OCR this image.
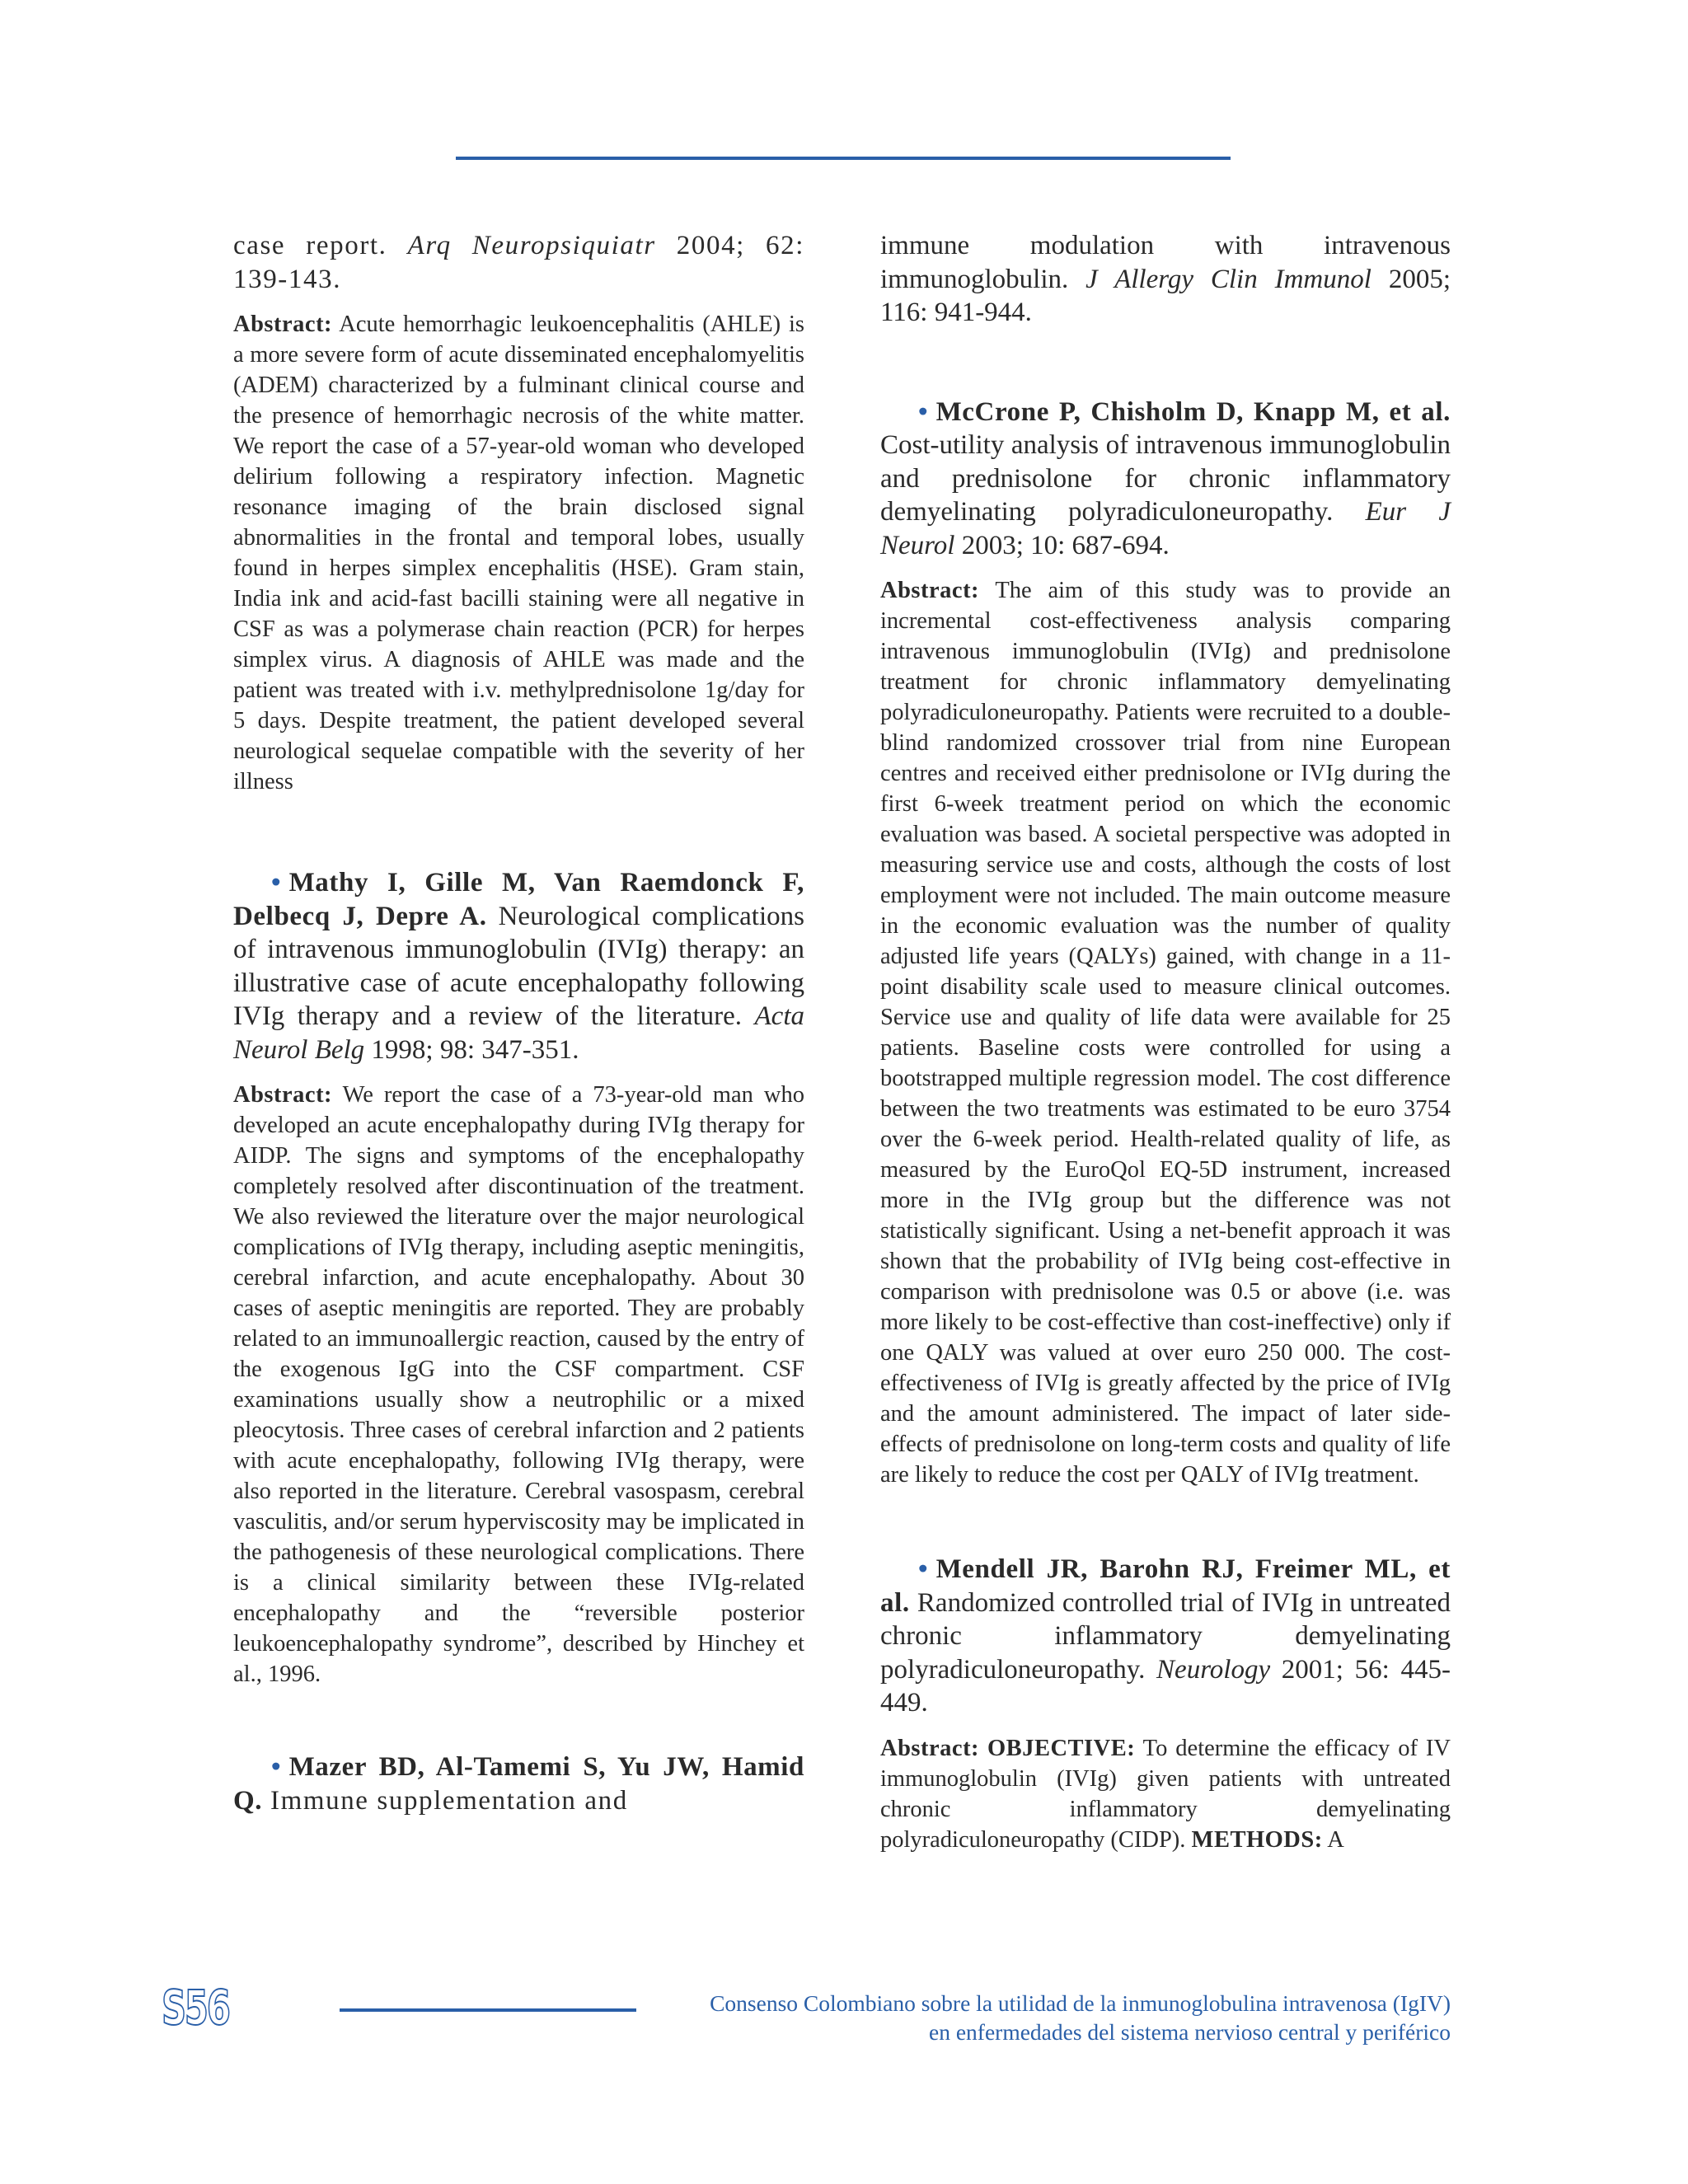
case report. Arq Neuropsiquiatr 2004; 62: 139-143.

Abstract: Acute hemorrhagic leukoencephalitis (AHLE) is a more severe form of acute disseminated encephalomyelitis (ADEM) characterized by a fulminant clinical course and the presence of hemorrhagic necrosis of the white matter. We report the case of a 57-year-old woman who developed delirium following a respiratory infection. Magnetic resonance imaging of the brain disclosed signal abnormalities in the frontal and temporal lobes, usually found in herpes simplex encephalitis (HSE). Gram stain, India ink and acid-fast bacilli staining were all negative in CSF as was a polymerase chain reaction (PCR) for herpes simplex virus. A diagnosis of AHLE was made and the patient was treated with i.v. methylprednisolone 1g/day for 5 days. Despite treatment, the patient developed several neurological sequelae compatible with the severity of her illness

• Mathy I, Gille M, Van Raemdonck F, Delbecq J, Depre A. Neurological complications of intravenous immunoglobulin (IVIg) therapy: an illustrative case of acute encephalopathy following IVIg therapy and a review of the literature. Acta Neurol Belg 1998; 98: 347-351.

Abstract: We report the case of a 73-year-old man who developed an acute encephalopathy during IVIg therapy for AIDP. The signs and symptoms of the encephalopathy completely resolved after discontinuation of the treatment. We also reviewed the literature over the major neurological complications of IVIg therapy, including aseptic meningitis, cerebral infarction, and acute encephalopathy. About 30 cases of aseptic meningitis are reported. They are probably related to an immunoallergic reaction, caused by the entry of the exogenous IgG into the CSF compartment. CSF examinations usually show a neutrophilic or a mixed pleocytosis. Three cases of cerebral infarction and 2 patients with acute encephalopathy, following IVIg therapy, were also reported in the literature. Cerebral vasospasm, cerebral vasculitis, and/or serum hyperviscosity may be implicated in the pathogenesis of these neurological complications. There is a clinical similarity between these IVIg-related encephalopathy and the “reversible posterior leukoencephalopathy syndrome”, described by Hinchey et al., 1996.

• Mazer BD, Al-Tamemi S, Yu JW, Hamid Q. Immune supplementation and

immune modulation with intravenous immunoglobulin. J Allergy Clin Immunol 2005; 116: 941-944.

• McCrone P, Chisholm D, Knapp M, et al. Cost-utility analysis of intravenous immunoglobulin and prednisolone for chronic inflammatory demyelinating polyradiculoneuropathy. Eur J Neurol 2003; 10: 687-694.

Abstract: The aim of this study was to provide an incremental cost-effectiveness analysis comparing intravenous immunoglobulin (IVIg) and prednisolone treatment for chronic inflammatory demyelinating polyradiculoneuropathy. Patients were recruited to a double-blind randomized crossover trial from nine European centres and received either prednisolone or IVIg during the first 6-week treatment period on which the economic evaluation was based. A societal perspective was adopted in measuring service use and costs, although the costs of lost employment were not included. The main outcome measure in the economic evaluation was the number of quality adjusted life years (QALYs) gained, with change in a 11-point disability scale used to measure clinical outcomes. Service use and quality of life data were available for 25 patients. Baseline costs were controlled for using a bootstrapped multiple regression model. The cost difference between the two treatments was estimated to be euro 3754 over the 6-week period. Health-related quality of life, as measured by the EuroQol EQ-5D instrument, increased more in the IVIg group but the difference was not statistically significant. Using a net-benefit approach it was shown that the probability of IVIg being cost-effective in comparison with prednisolone was 0.5 or above (i.e. was more likely to be cost-effective than cost-ineffective) only if one QALY was valued at over euro 250 000. The cost-effectiveness of IVIg is greatly affected by the price of IVIg and the amount administered. The impact of later side-effects of prednisolone on long-term costs and quality of life are likely to reduce the cost per QALY of IVIg treatment.

• Mendell JR, Barohn RJ, Freimer ML, et al. Randomized controlled trial of IVIg in untreated chronic inflammatory demyelinating polyradiculoneuropathy. Neurology 2001; 56: 445-449.

Abstract: OBJECTIVE: To determine the efficacy of IV immunoglobulin (IVIg) given patients with untreated chronic inflammatory demyelinating polyradiculoneuropathy (CIDP). METHODS: A

S56	Consenso Colombiano sobre la utilidad de la inmunoglobulina intravenosa (IgIV)
en enfermedades del sistema nervioso central y periférico
